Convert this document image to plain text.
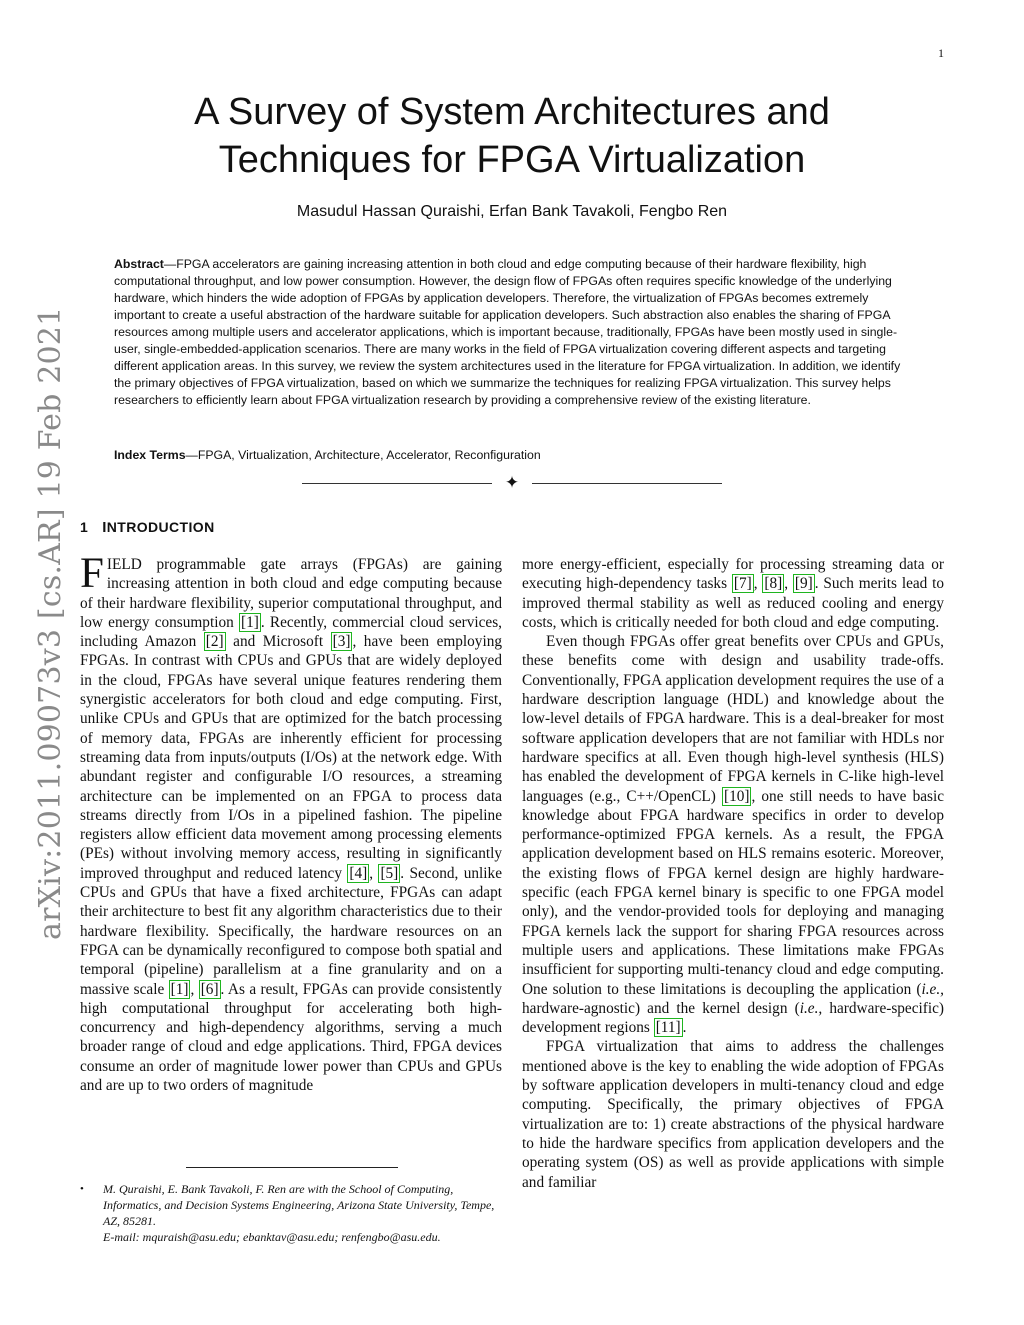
1
arXiv:2011.09073v3 [cs.AR] 19 Feb 2021
A Survey of System Architectures and Techniques for FPGA Virtualization
Masudul Hassan Quraishi, Erfan Bank Tavakoli, Fengbo Ren
Abstract—FPGA accelerators are gaining increasing attention in both cloud and edge computing because of their hardware flexibility, high computational throughput, and low power consumption. However, the design flow of FPGAs often requires specific knowledge of the underlying hardware, which hinders the wide adoption of FPGAs by application developers. Therefore, the virtualization of FPGAs becomes extremely important to create a useful abstraction of the hardware suitable for application developers. Such abstraction also enables the sharing of FPGA resources among multiple users and accelerator applications, which is important because, traditionally, FPGAs have been mostly used in single-user, single-embedded-application scenarios. There are many works in the field of FPGA virtualization covering different aspects and targeting different application areas. In this survey, we review the system architectures used in the literature for FPGA virtualization. In addition, we identify the primary objectives of FPGA virtualization, based on which we summarize the techniques for realizing FPGA virtualization. This survey helps researchers to efficiently learn about FPGA virtualization research by providing a comprehensive review of the existing literature.
Index Terms—FPGA, Virtualization, Architecture, Accelerator, Reconfiguration
✦
1 INTRODUCTION

FIELD programmable gate arrays (FPGAs) are gaining increasing attention in both cloud and edge computing because of their hardware flexibility, superior computational throughput, and low energy consumption [1] . Recently, commercial cloud services, including Amazon [2] and Microsoft [3] , have been employing FPGAs. In contrast with CPUs and GPUs that are widely deployed in the cloud, FPGAs have several unique features rendering them synergistic accelerators for both cloud and edge computing. First, unlike CPUs and GPUs that are optimized for the batch processing of memory data, FPGAs are inherently efficient for processing streaming data from inputs/outputs (I/Os) at the network edge. With abundant register and configurable I/O resources, a streaming architecture can be implemented on an FPGA to process data streams directly from I/Os in a pipelined fashion. The pipeline registers allow efficient data movement among processing elements (PEs) without involving memory access, resulting in significantly improved throughput and reduced latency [4] , [5] . Second, unlike CPUs and GPUs that have a fixed architecture, FPGAs can adapt their architecture to best fit any algorithm characteristics due to their hardware flexibility. Specifically, the hardware resources on an FPGA can be dynamically reconfigured to compose both spatial and temporal (pipeline) parallelism at a fine granularity and on a massive scale [1] , [6] . As a result, FPGAs can provide consistently high computational throughput for accelerating both high-concurrency and high-dependency algorithms, serving a much broader range of cloud and edge applications. Third, FPGA devices consume an order of magnitude lower power than CPUs and GPUs and are up to two orders of magnitude

more energy-efficient, especially for processing streaming data or executing high-dependency tasks [7] , [8] , [9] . Such merits lead to improved thermal stability as well as reduced cooling and energy costs, which is critically needed for both cloud and edge computing.

Even though FPGAs offer great benefits over CPUs and GPUs, these benefits come with design and usability trade-offs. Conventionally, FPGA application development requires the use of a hardware description language (HDL) and knowledge about the low-level details of FPGA hardware. This is a deal-breaker for most software application developers that are not familiar with HDLs nor hardware specifics at all. Even though high-level synthesis (HLS) has enabled the development of FPGA kernels in C-like high-level languages (e.g., C++/OpenCL) [10] , one still needs to have basic knowledge about FPGA hardware specifics in order to develop performance-optimized FPGA kernels. As a result, the FPGA application development based on HLS remains esoteric. Moreover, the existing flows of FPGA kernel design are highly hardware-specific (each FPGA kernel binary is specific to one FPGA model only), and the vendor-provided tools for deploying and managing FPGA kernels lack the support for sharing FPGA resources across multiple users and applications. These limitations make FPGAs insufficient for supporting multi-tenancy cloud and edge computing. One solution to these limitations is decoupling the application (i.e., hardware-agnostic) and the kernel design (i.e., hardware-specific) development regions [11] .

FPGA virtualization that aims to address the challenges mentioned above is the key to enabling the wide adoption of FPGAs by software application developers in multi-tenancy cloud and edge computing. Specifically, the primary objectives of FPGA virtualization are to: 1) create abstractions of the physical hardware to hide the hardware specifics from application developers and the operating system (OS) as well as provide applications with simple and familiar

• M. Quraishi, E. Bank Tavakoli, F. Ren are with the School of Computing, Informatics, and Decision Systems Engineering, Arizona State University, Tempe, AZ, 85281.
E-mail: mquraish@asu.edu; ebanktav@asu.edu; renfengbo@asu.edu.
